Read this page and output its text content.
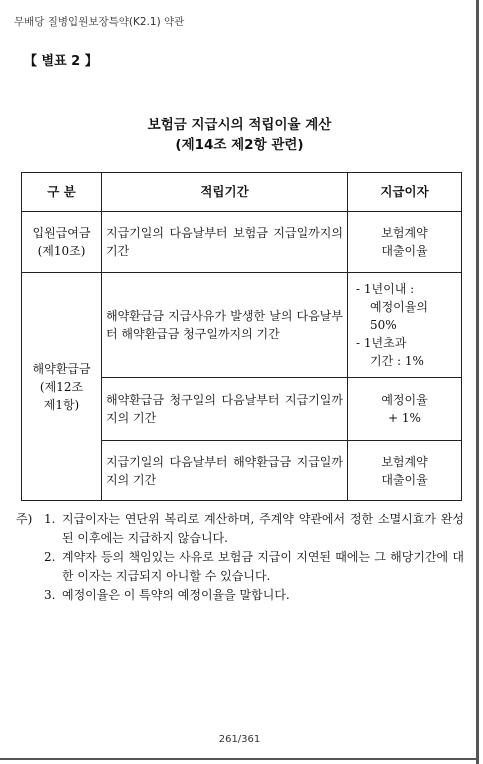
무배당 질병입원보장특약(K2.1) 약관
【 별표 2 】
보험금 지급시의 적립이율 계산
(제14조 제2항 관련)
구 분	적립기간	지급이자

입원급여금
(제10조)	지급기일의 다음날부터 보험금 지급일까지의 기간	보험계약
대출이율

해약환급금
(제12조
제1항)	해약환급금 지급사유가 발생한 날의 다음날부터 해약환급금 청구일까지의 기간	- 1년이내 :
예정이율의
50%
- 1년초과
기간 : 1%

	해약환급금 청구일의 다음날부터 지급기일까지의 기간	예정이율
+ 1%

	지급기일의 다음날부터 해약환급금 지급일까지의 기간	보험계약
대출이율
주) 1. 지급이자는 연단위 복리로 계산하며, 주계약 약관에서 정한 소멸시효가 완성된 이후에는 지급하지 않습니다.
2. 계약자 등의 책임있는 사유로 보험금 지급이 지연된 때에는 그 해당기간에 대한 이자는 지급되지 아니할 수 있습니다.
3. 예정이율은 이 특약의 예정이율을 말합니다.
261/361
